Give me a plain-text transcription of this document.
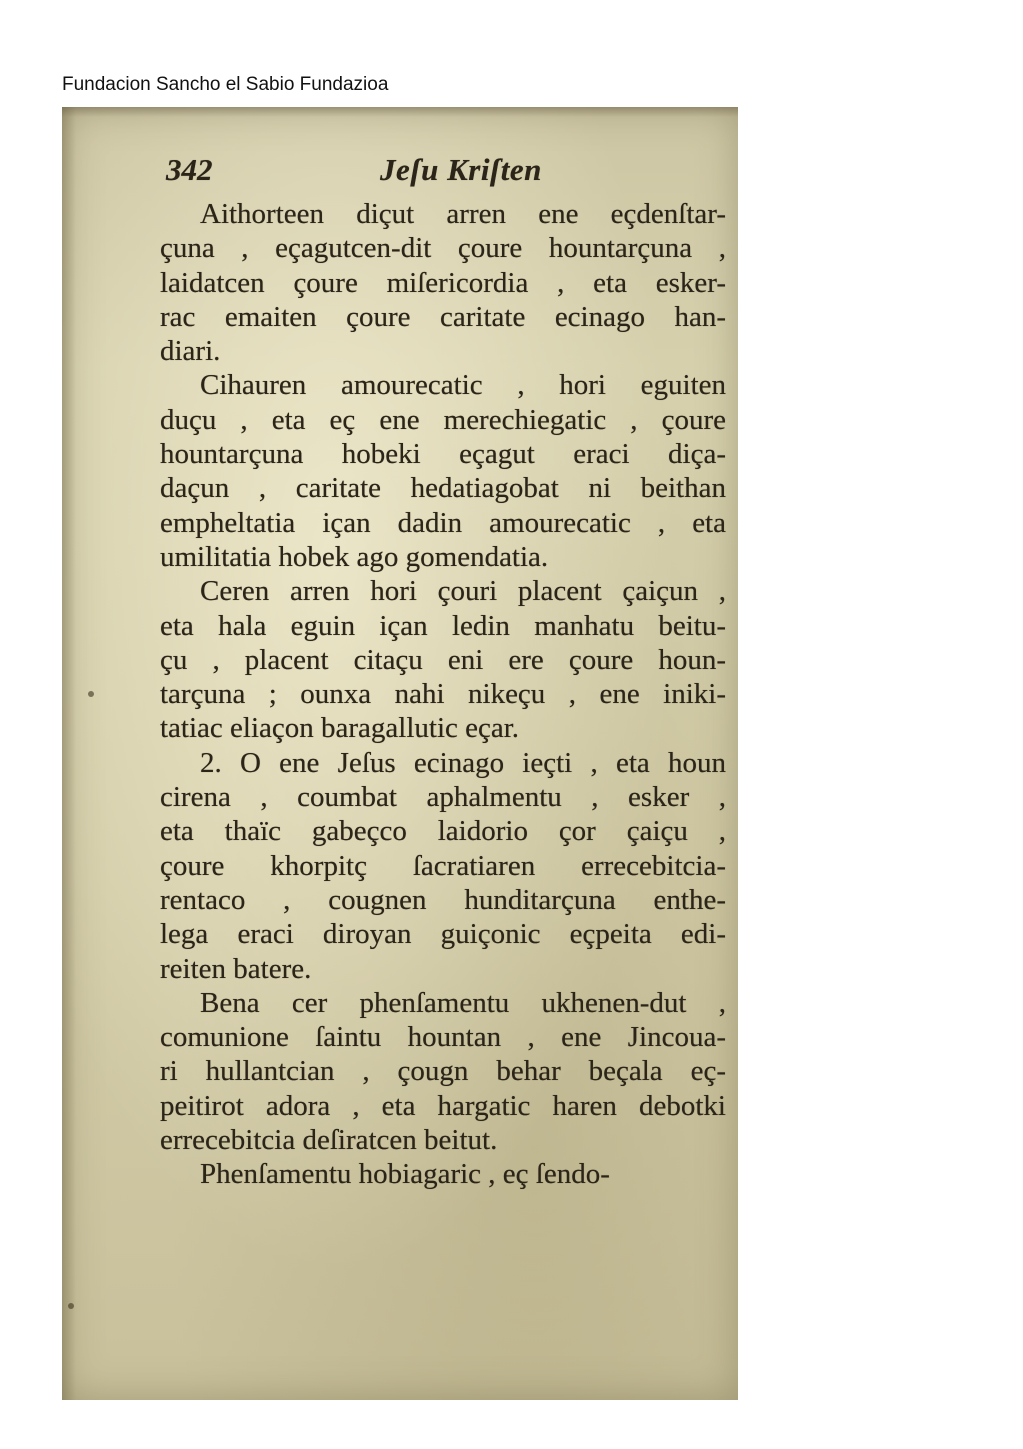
Fundacion Sancho el Sabio Fundazioa
342	Jeſu Kriſten
Aithorteen diçut arren ene eçdenſtar-
çuna , eçagutcen-dit çoure hountarçuna ,
laidatcen çoure miſericordia , eta esker-
rac emaiten çoure caritate ecinago han-
diari.
Cihauren amourecatic , hori eguiten
duçu , eta eç ene merechiegatic , çoure
hountarçuna hobeki eçagut eraci diça-
daçun , caritate hedatiagobat ni beithan
empheltatia içan dadin amourecatic , eta
umilitatia hobek ago gomendatia.
Ceren arren hori çouri placent çaiçun ,
eta hala eguin içan ledin manhatu beitu-
çu , placent citaçu eni ere çoure houn-
tarçuna ; ounxa nahi nikeçu , ene iniki-
tatiac eliaçon baragallutic eçar.
2. O ene Jeſus ecinago ieçti , eta houn
cirena , coumbat aphalmentu , esker ,
eta thaïc gabeçco laidorio çor çaiçu ,
çoure khorpitç ſacratiaren errecebitcia-
rentaco , cougnen hunditarçuna enthe-
lega eraci diroyan guiçonic eçpeita edi-
reiten batere.
Bena cer phenſamentu ukhenen-dut ,
comunione ſaintu hountan , ene Jincoua-
ri hullantcian , çougn behar beçala eç-
peitirot adora , eta hargatic haren debotki
errecebitcia deſiratcen beitut.
Phenſamentu hobiagaric , eç ſendo-
